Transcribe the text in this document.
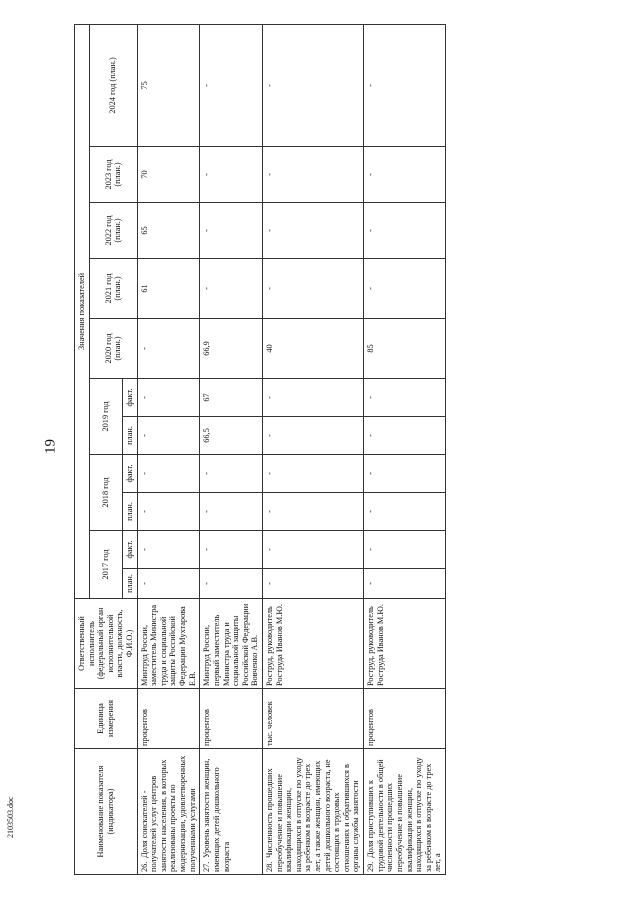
19
Наименование показателя (индикатора)	Единица измерения	Ответственный исполнитель (федеральный орган исполнительной власти, должность, Ф.И.О.)	Значения показателей										
			2017 год		2018 год		2019 год		2020 год (план.)	2021 год (план.)	2022 год (план.)	2023 год (план.)	2024 год (план.)
			план.	факт.	план.	факт.	план.	факт.					
26.Доля соискателей - получателей услуг центров занятости населения, в которых реализованы проекты по модернизации, удовлетворенных полученными услугами	процентов	Минтруд России, заместитель Министра труда и социальной защиты Российской Федерации Мухтарова Е.В.	-	-	-	-	-	-	-	61	65	70	75
27.Уровень занятости женщин, имеющих детей дошкольного возраста	процентов	Минтруд России, первый заместитель Министра труда и социальной защиты Российской Федерации Вовченко А.В.	-	-	-	-	66,5	67	66,9	-	-	-	-
28.Численность прошедших переобучение и повышение квалификации женщин, находящихся в отпуске по уходу за ребенком в возрасте до трех лет, а также женщин, имеющих детей дошкольного возраста, не состоящих в трудовых отношениях и обратившихся в органы службы занятости	тыс. человек	Роструд, руководитель Роструда Иванов М.Ю.	-	-	-	-	-	-	40	-	-	-	-
29.Доля приступивших к трудовой деятельности в общей численности прошедших переобучение и повышение квалификации женщин, находящихся в отпуске по уходу за ребенком в возрасте до трех лет, а	процентов	Роструд, руководитель Роструда Иванов М.Ю.	-	-	-	-	-	-	85	-	-	-	-
2103503.doc
